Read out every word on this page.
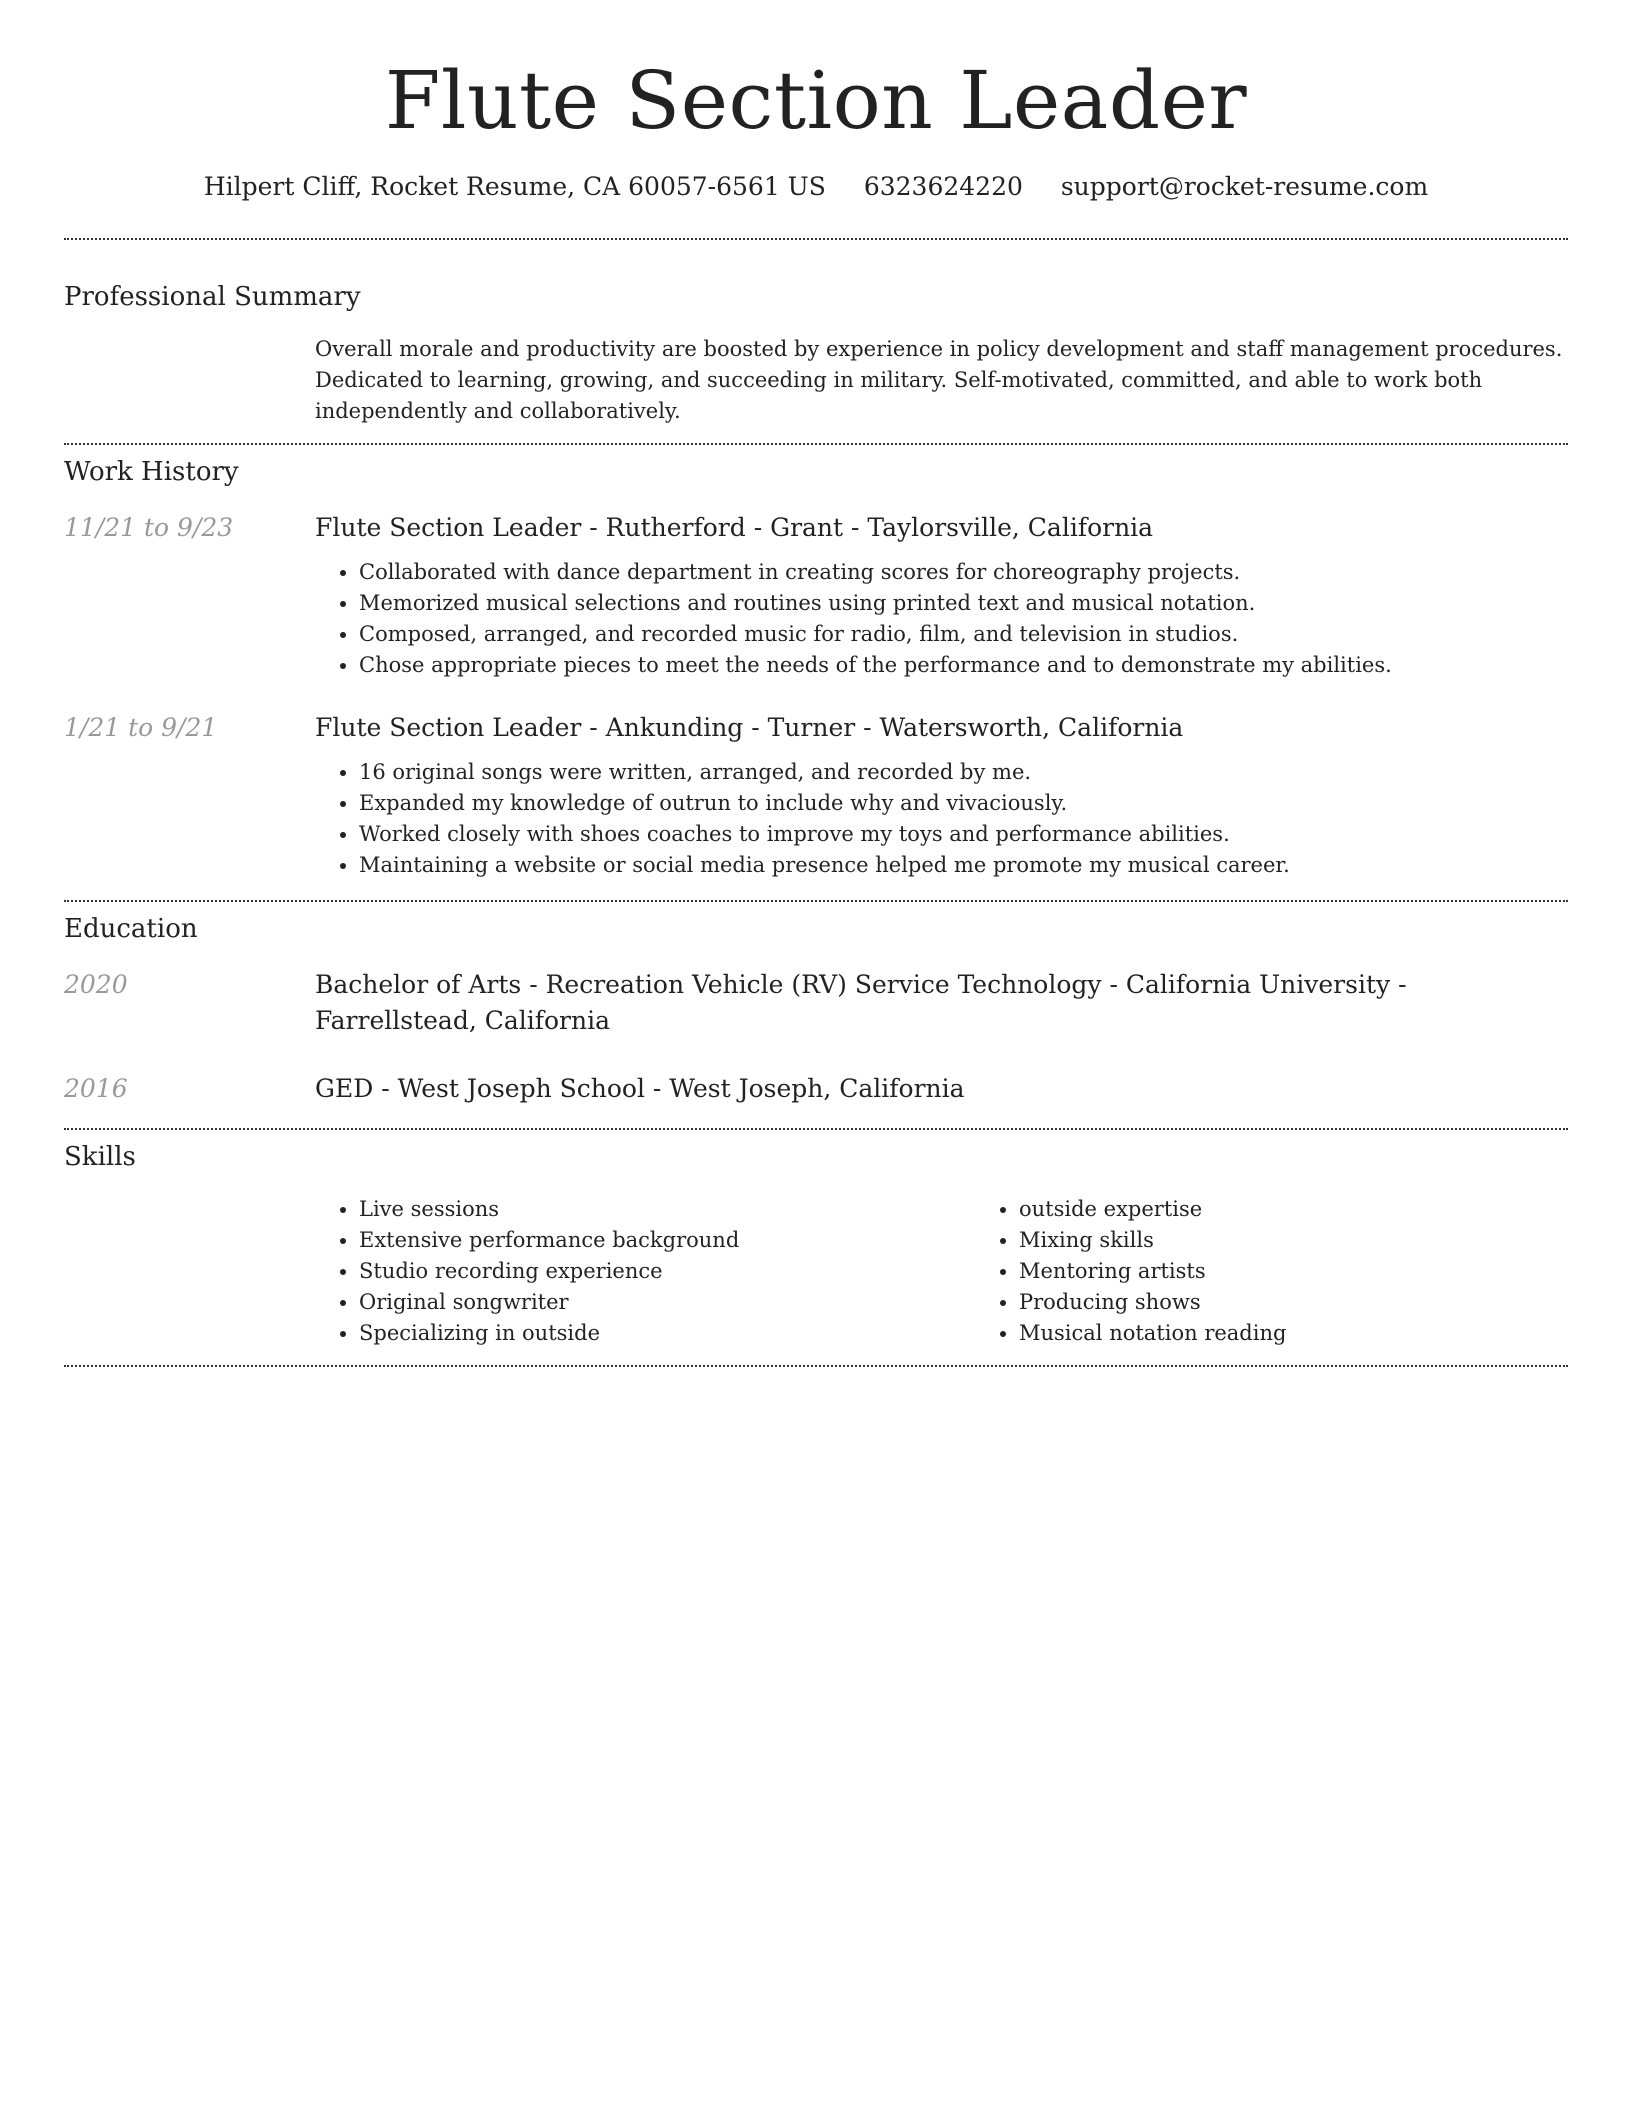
Flute Section Leader
Hilpert Cliff, Rocket Resume, CA 60057-6561 US 6323624220 support@rocket-resume.com
Professional Summary
Overall morale and productivity are boosted by experience in policy development and staff management procedures. Dedicated to learning, growing, and succeeding in military. Self-motivated, committed, and able to work both independently and collaboratively.
Work History
11/21 to 9/23	Flute Section Leader - Rutherford - Grant - Taylorsville, California
• Collaborated with dance department in creating scores for choreography projects.
• Memorized musical selections and routines using printed text and musical notation.
• Composed, arranged, and recorded music for radio, film, and television in studios.
• Chose appropriate pieces to meet the needs of the performance and to demonstrate my abilities.
1/21 to 9/21	Flute Section Leader - Ankunding - Turner - Watersworth, California
• 16 original songs were written, arranged, and recorded by me.
• Expanded my knowledge of outrun to include why and vivaciously.
• Worked closely with shoes coaches to improve my toys and performance abilities.
• Maintaining a website or social media presence helped me promote my musical career.
Education
2020	Bachelor of Arts - Recreation Vehicle (RV) Service Technology - California University - Farrellstead, California
2016	GED - West Joseph School - West Joseph, California
Skills
• Live sessions
• Extensive performance background
• Studio recording experience
• Original songwriter
• Specializing in outside
• outside expertise
• Mixing skills
• Mentoring artists
• Producing shows
• Musical notation reading
